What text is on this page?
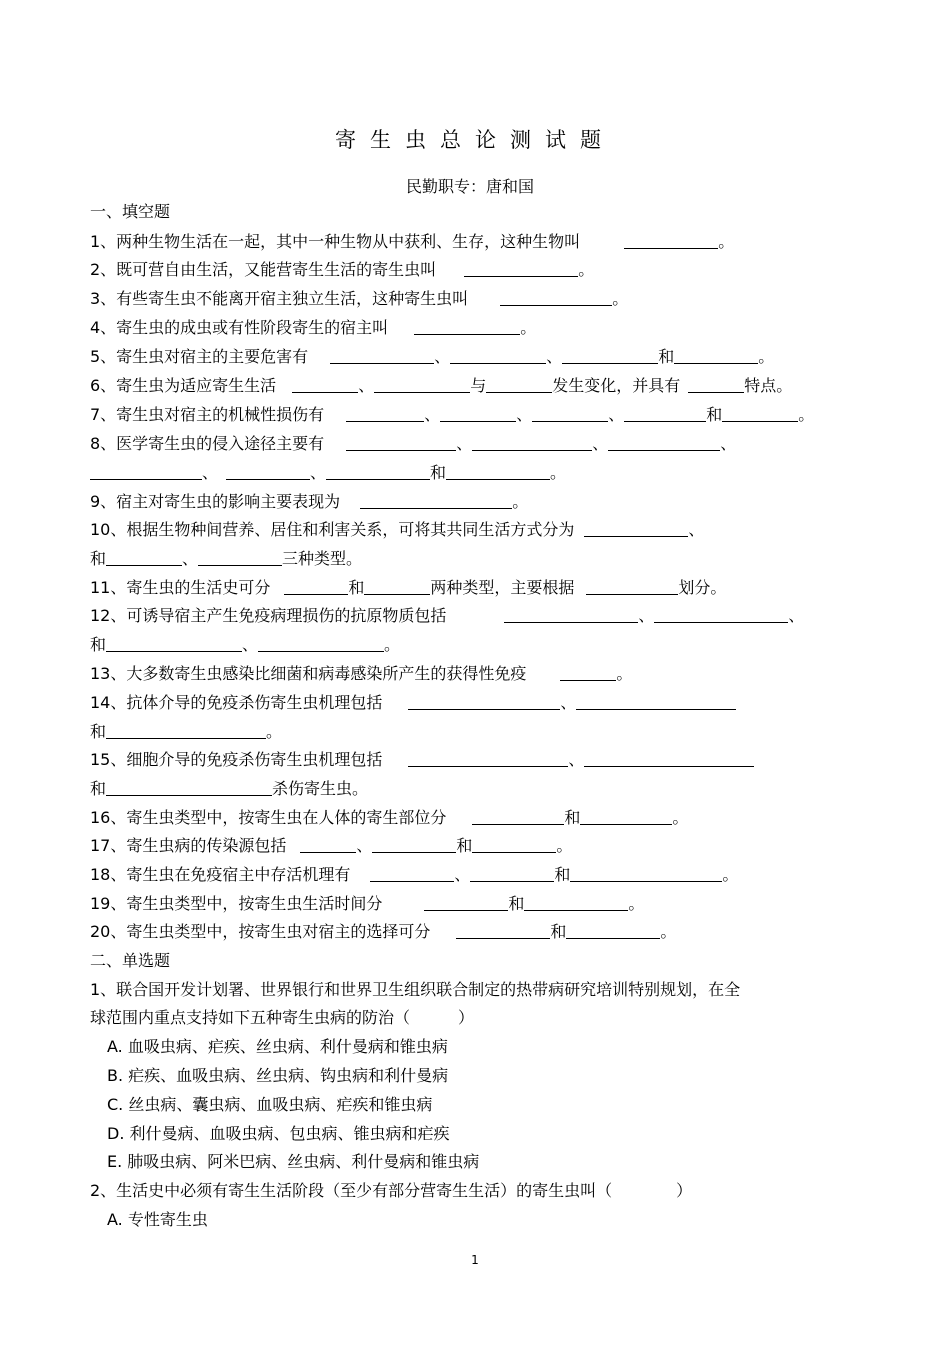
寄生虫总论测试题
民勤职专：唐和国
一、填空题
1、两种生物生活在一起，其中一种生物从中获利、生存，这种生物叫	。
2、既可营自由生活，又能营寄生生活的寄生虫叫	。
3、有些寄生虫不能离开宿主独立生活，这种寄生虫叫	。
4、寄生虫的成虫或有性阶段寄生的宿主叫	。
5、寄生虫对宿主的主要危害有	、	、	和	。
6、寄生虫为适应寄生生活	、	与	发生变化，并具有	特点。
7、寄生虫对宿主的机械性损伤有	、	、	、	和	。
8、医学寄生虫的侵入途径主要有	、	、	、
、	、	和	。
9、宿主对寄生虫的影响主要表现为	。
10、根据生物种间营养、居住和利害关系，可将其共同生活方式分为	、
和	、	三种类型。
11、寄生虫的生活史可分	和	两种类型，主要根据	划分。
12、可诱导宿主产生免疫病理损伤的抗原物质包括	、	、
和	、	。
13、大多数寄生虫感染比细菌和病毒感染所产生的获得性免疫	。
14、抗体介导的免疫杀伤寄生虫机理包括	、
和	。
15、细胞介导的免疫杀伤寄生虫机理包括	、
和	杀伤寄生虫。
16、寄生虫类型中，按寄生虫在人体的寄生部位分	和	。
17、寄生虫病的传染源包括	、	和	。
18、寄生虫在免疫宿主中存活机理有	、	和	。
19、寄生虫类型中，按寄生虫生活时间分	和	。
20、寄生虫类型中，按寄生虫对宿主的选择可分	和	。
二、单选题
1、联合国开发计划署、世界银行和世界卫生组织联合制定的热带病研究培训特别规划，在全
球范围内重点支持如下五种寄生虫病的防治（　　　）
A. 血吸虫病、疟疾、丝虫病、利什曼病和锥虫病
B. 疟疾、血吸虫病、丝虫病、钩虫病和利什曼病
C. 丝虫病、囊虫病、血吸虫病、疟疾和锥虫病
D. 利什曼病、血吸虫病、包虫病、锥虫病和疟疾
E. 肺吸虫病、阿米巴病、丝虫病、利什曼病和锥虫病
2、生活史中必须有寄生生活阶段（至少有部分营寄生生活）的寄生虫叫（　　　　）
A. 专性寄生虫
1
